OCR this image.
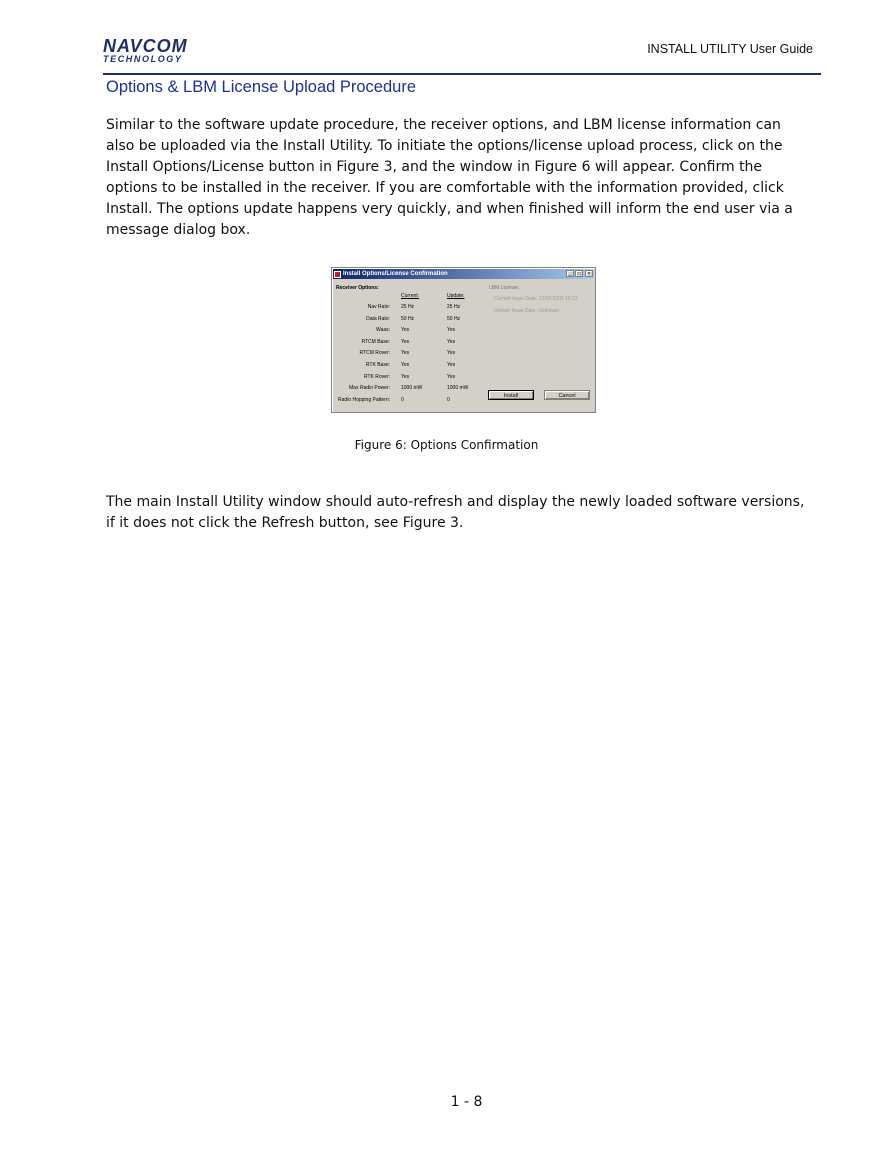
NAVCOM
TECHNOLOGY
INSTALL UTILITY User Guide
Options & LBM License Upload Procedure

Similar to the software update procedure, the receiver options, and LBM license information can also be uploaded via the Install Utility. To initiate the options/license upload process, click on the Install Options/License button in Figure 3, and the window in Figure 6 will appear. Confirm the options to be installed in the receiver. If you are comfortable with the information provided, click Install. The options update happens very quickly, and when finished will inform the end user via a message dialog box.

Install Options/License Confirmation	_	□	×
Receiver Options:
Current:	Update:
Nav Rate: 25 Hz	25 Hz
Data Rate: 50 Hz	50 Hz
Waas: Yes	Yes
RTCM Base: Yes	Yes
RTCM Rover: Yes	Yes
RTK Base: Yes	Yes
RTK Rover: Yes	Yes
Max Radio Power: 1000 mW	1000 mW
Radio Hopping Pattern: 0	0
LBM License:
Current Issue Date: 12/07/2006 16:13
Update Issue Date: Unknown
Install	Cancel
Figure 6: Options Confirmation

The main Install Utility window should auto-refresh and display the newly loaded software versions, if it does not click the Refresh button, see Figure 3.

1 - 8
